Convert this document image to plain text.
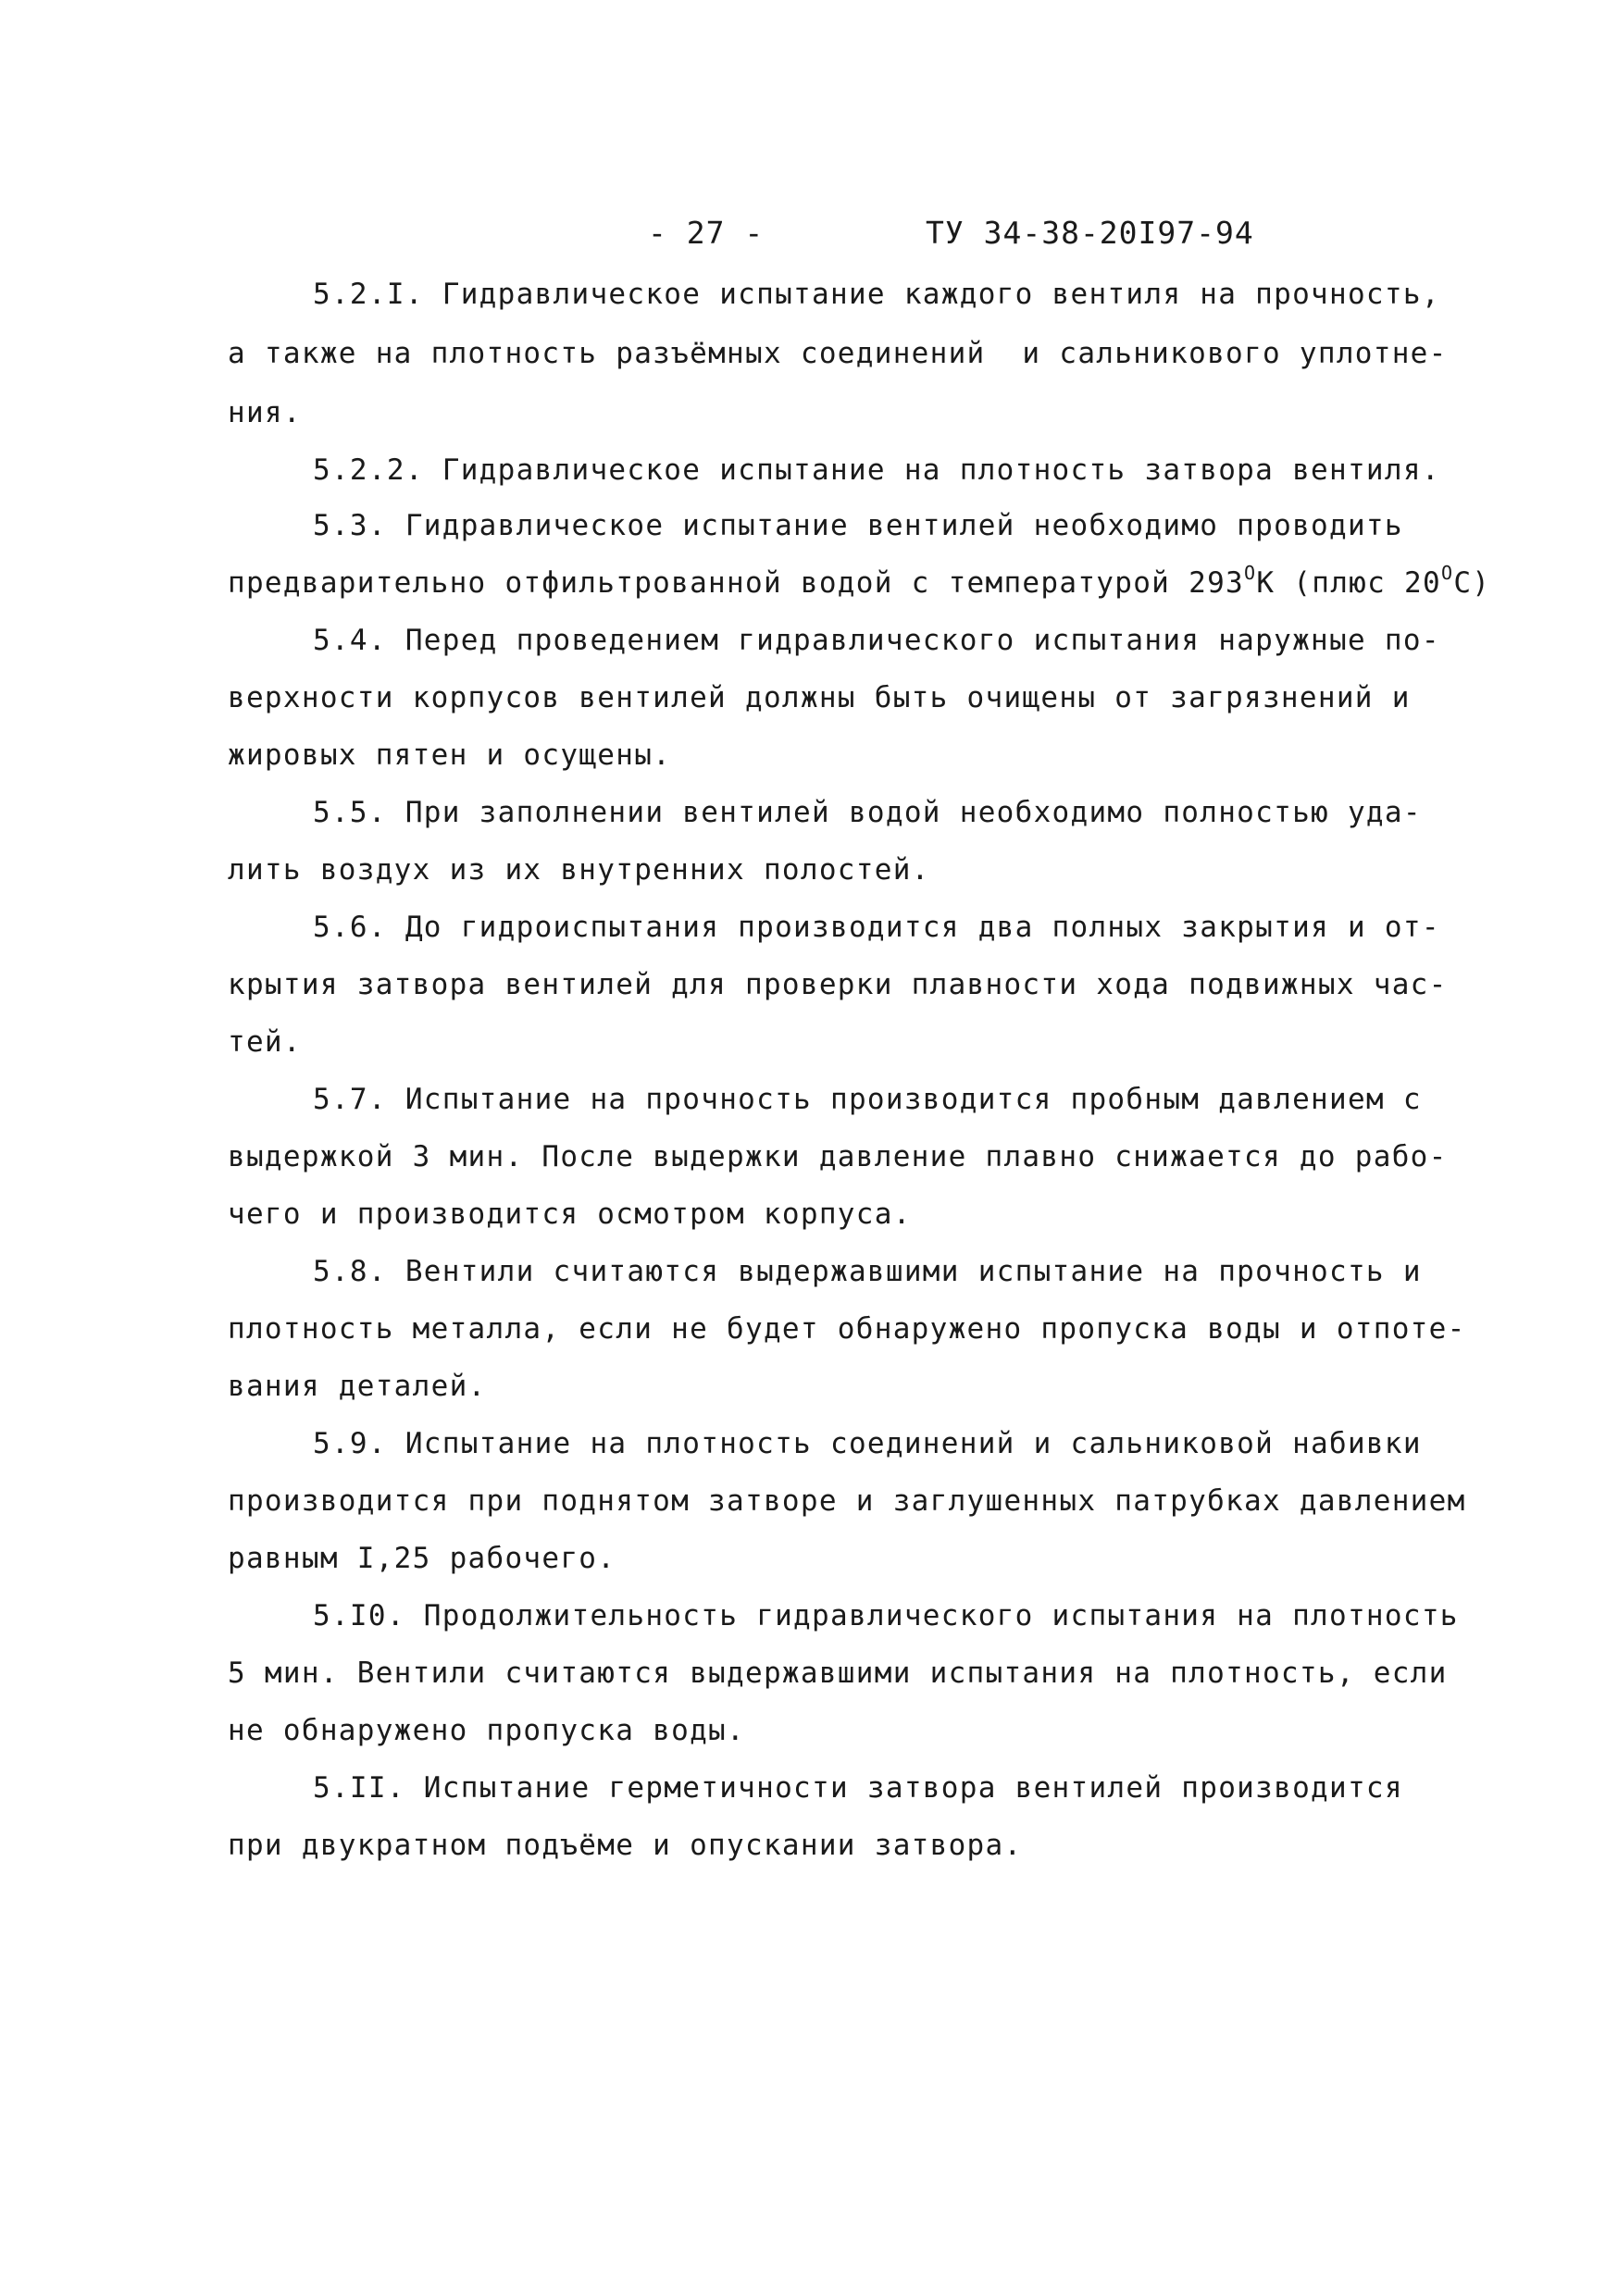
- 27 -

	ТУ 34-38-20I97-94

5.2.I. Гидравлическое испытание каждого вентиля на прочность,
а также на плотность разъёмных соединений  и сальникового уплотне-
ния.
5.2.2. Гидравлическое испытание на плотность затвора вентиля.
5.3. Гидравлическое испытание вентилей необходимо проводить
предварительно отфильтрованной водой с температурой $293^OК$ (плюс $20^OC$)
5.4. Перед проведением гидравлического испытания наружные по-
верхности корпусов вентилей должны быть очищены от загрязнений и
жировых пятен и осущены.
5.5. При заполнении вентилей водой необходимо полностью уда-
лить воздух из их внутренних полостей.
5.6. До гидроиспытания производится два полных закрытия и от-
крытия затвора вентилей для проверки плавности хода подвижных час-
тей.
5.7. Испытание на прочность производится пробным давлением с
выдержкой 3 мин. После выдержки давление плавно снижается до рабо-
чего и производится осмотром корпуса.
5.8. Вентили считаются выдержавшими испытание на прочность и
плотность металла, если не будет обнаружено пропуска воды и отпоте-
вания деталей.
5.9. Испытание на плотность соединений и сальниковой набивки
производится при поднятом затворе и заглушенных патрубках давлением
равным I,25 рабочего.
5.I0. Продолжительность гидравлического испытания на плотность
5 мин. Вентили считаются выдержавшими испытания на плотность, если
не обнаружено пропуска воды.
5.II. Испытание герметичности затвора вентилей производится
при двукратном подъёме и опускании затвора.
